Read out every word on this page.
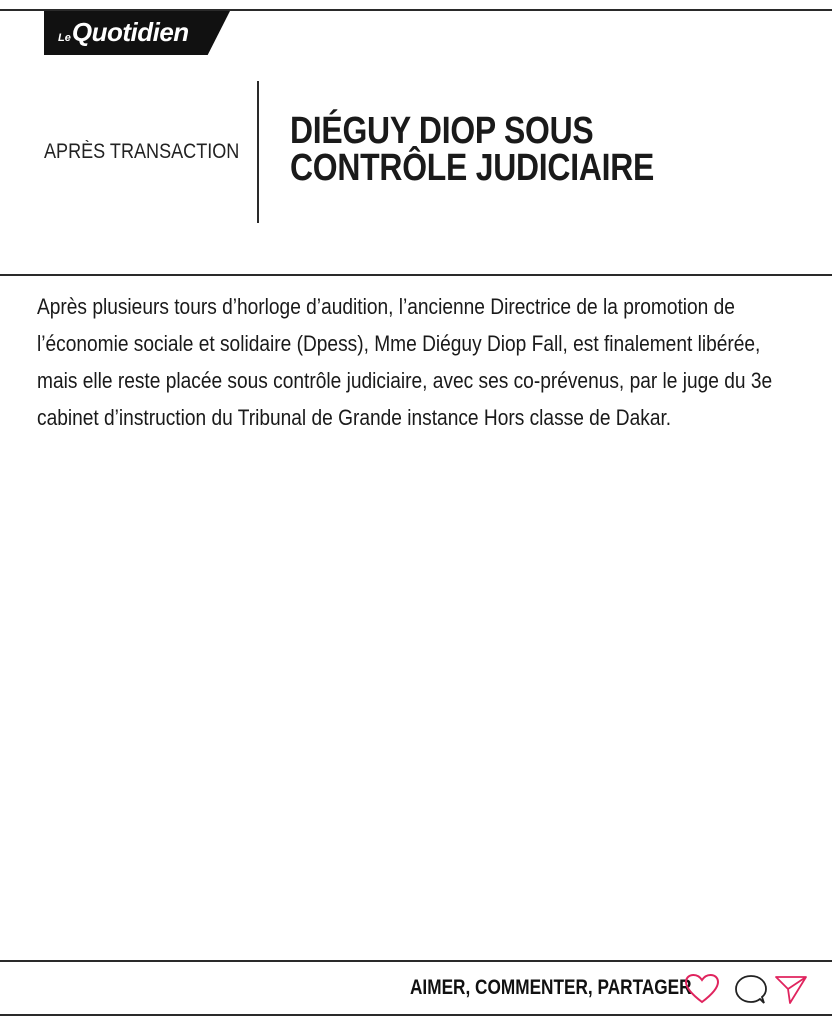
LeQuotidien
APRÈS TRANSACTION DIÉGUY DIOP SOUS CONTRÔLE JUDICIAIRE

Après plusieurs tours d’horloge d’audition, l’ancienne Directrice de la promotion de l’économie sociale et solidaire (Dpess), Mme Diéguy Diop Fall, est finalement libérée, mais elle reste placée sous contrôle judiciaire, avec ses co-prévenus, par le juge du 3e cabinet d’instruction du Tribunal de Grande instance Hors classe de Dakar.

AIMER, COMMENTER, PARTAGER
